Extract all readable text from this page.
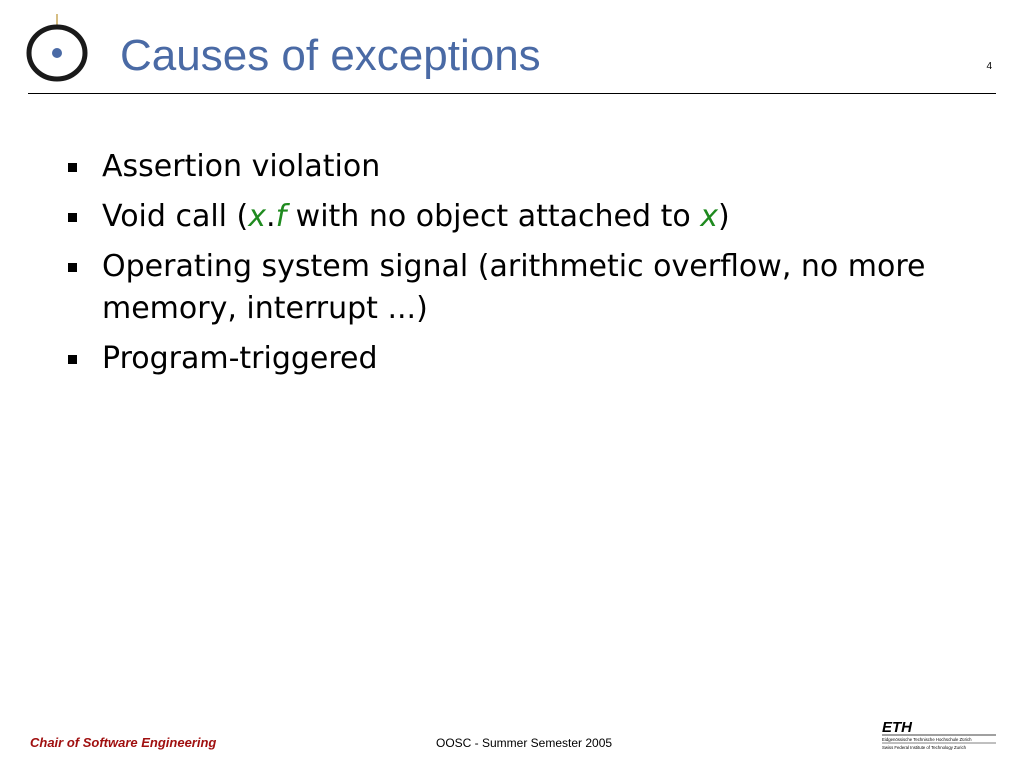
Causes of exceptions	4
Assertion violation
Void call (x.f with no object attached to x)
Operating system signal (arithmetic overflow, no more memory, interrupt ...)
Program-triggered
Chair of Software Engineering	OOSC - Summer Semester 2005
ETH
Eidgenössische Technische Hochschule Zürich
Swiss Federal Institute of Technology Zurich
